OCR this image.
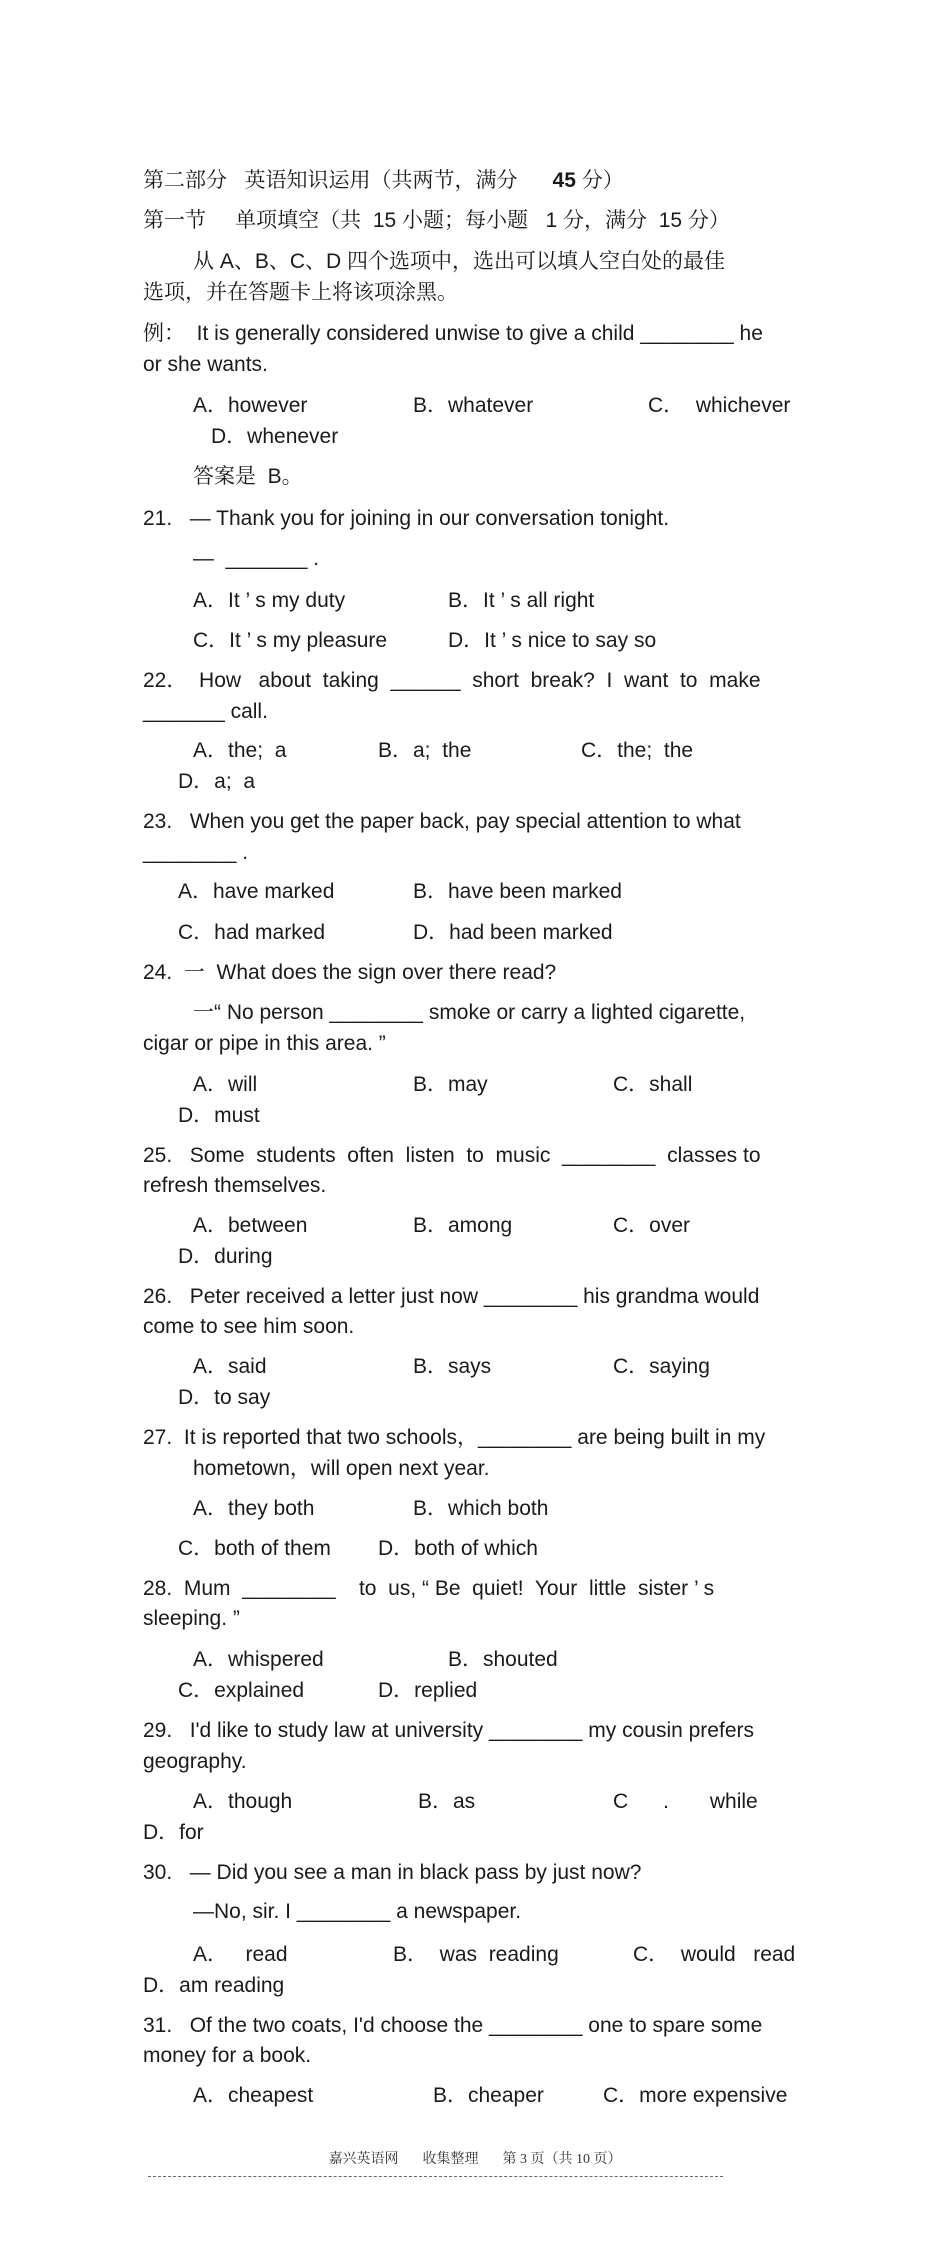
第二部分   英语知识运用（共两节，满分 45 分）
第一节     单项填空（共  15 小题；每小题   1 分，满分  15 分）
从 A、B、C、D 四个选项中，选出可以填人空白处的最佳
选项，并在答题卡上将该项涂黑。
例：  It is generally considered unwise to give a child ________ he
or she wants.
A．however	B．whatever	C．  whichever
D．whenever
答案是  B。
21.   — Thank you for joining in our conversation tonight.
—  _______ .
A．It ’ s my duty	B．It ’ s all right
C．It ’ s my pleasure	D．It ’ s nice to say so
22．  How   about  taking  ______  short  break?  I  want  to  make
_______ call.
A．the;  a	B．a;  the	C．the;  the
D．a;  a
23.   When you get the paper back, pay special attention to what
________ .
A．have marked	B．have been marked
C．had marked	D．had been marked
24.  一  What does the sign over there read?
一“ No person ________ smoke or carry a lighted cigarette,
cigar or pipe in this area. ”
A．will	B．may	C．shall
D．must
25.   Some  students  often  listen  to  music  ________  classes to
refresh themselves.
A．between	B．among	C．over
D．during
26.   Peter received a letter just now ________ his grandma would
come to see him soon.
A．said	B．says	C．saying
D．to say
27.  It is reported that two schools，________ are being built in my
hometown，will open next year.
A．they both	B．which both
C．both of them D．both of which
28.  Mum  ________    to  us, “ Be  quiet!  Your  little  sister ’ s
sleeping. ”
A．whispered	B．shouted
C．explained	D．replied
29.   I'd like to study law at university ________ my cousin prefers
geography.
A．though	B．as	C      .       while
D．for
30.   — Did you see a man in black pass by just now?
—No, sir. I ________ a newspaper.
A．   read	B．  was  reading	C．  would   read
D．am reading
31.   Of the two coats, I'd choose the ________ one to spare some
money for a book.
A．cheapest	B．cheaper	C．more expensive
嘉兴英语网 收集整理 第 3 页（共 10 页）
